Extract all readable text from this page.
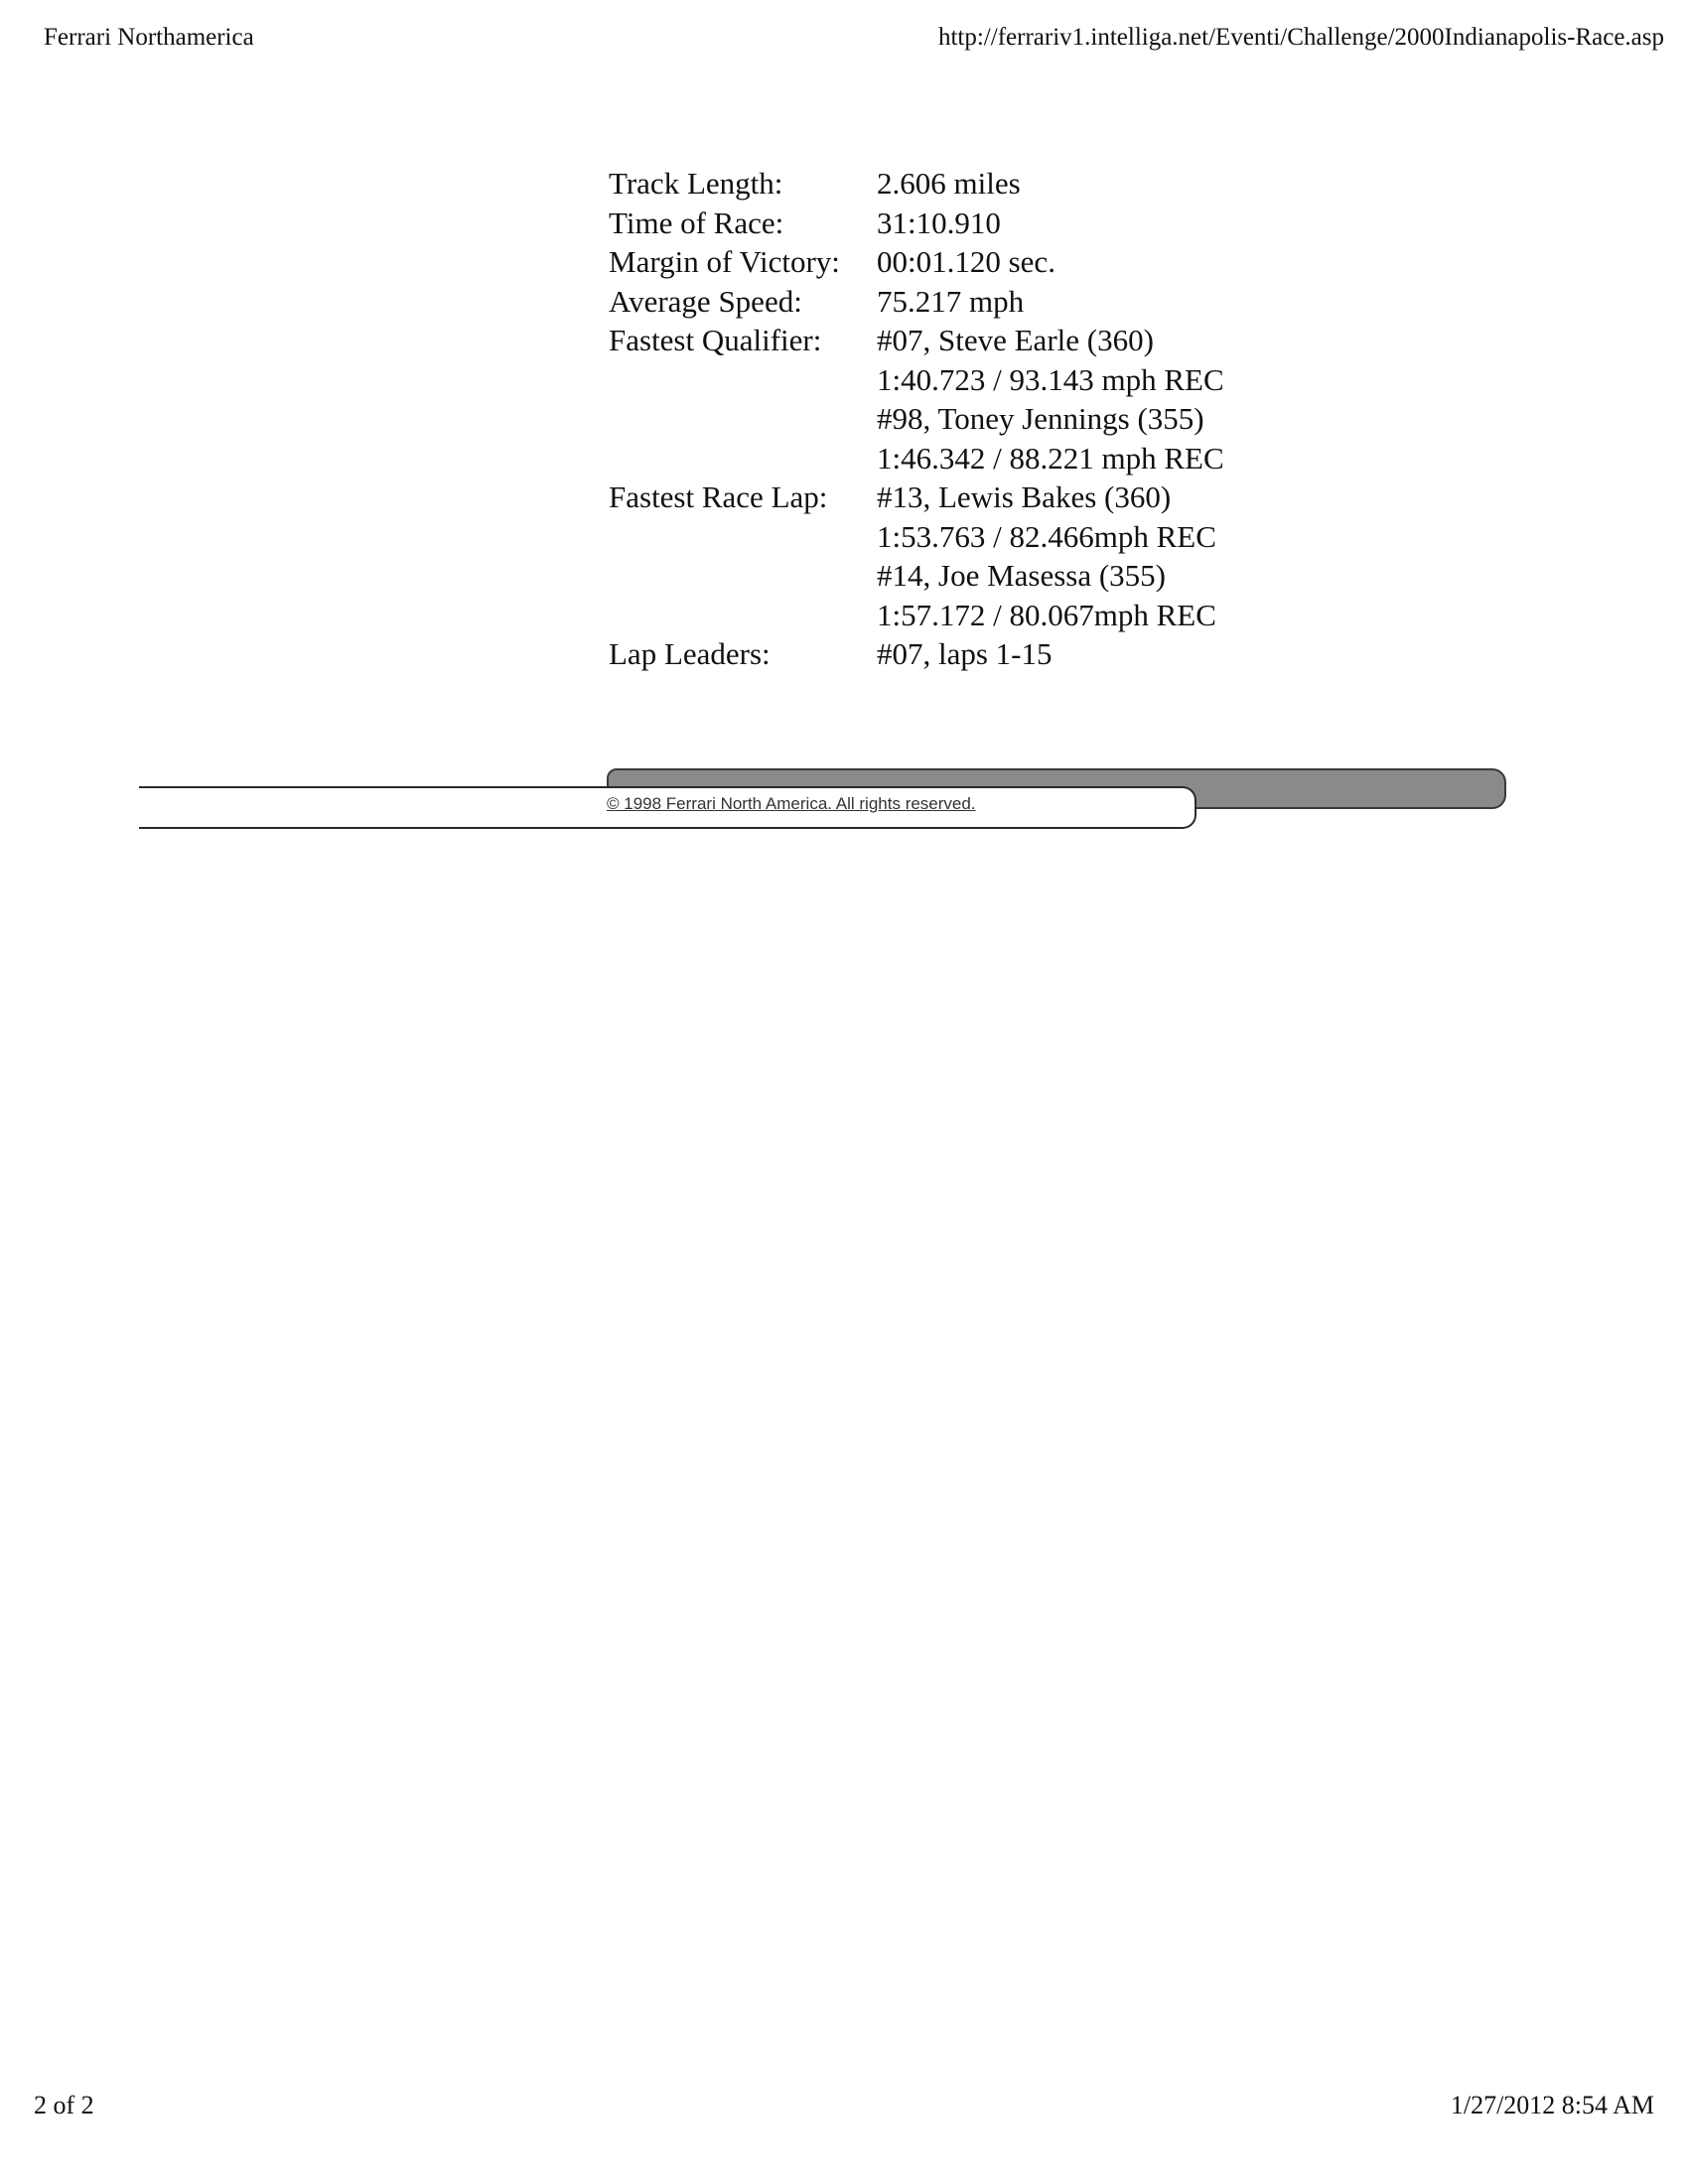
Ferrari Northamerica	http://ferrariv1.intelliga.net/Eventi/Challenge/2000Indianapolis-Race.asp
Track Length:	2.606 miles
Time of Race:	31:10.910
Margin of Victory:	00:01.120 sec.
Average Speed:	75.217 mph
Fastest Qualifier:	#07, Steve Earle (360)
	1:40.723 / 93.143 mph REC
	#98, Toney Jennings (355)
	1:46.342 / 88.221 mph REC
Fastest Race Lap:	#13, Lewis Bakes (360)
	1:53.763 / 82.466mph REC
	#14, Joe Masessa (355)
	1:57.172 / 80.067mph REC
Lap Leaders:	#07, laps 1-15
© 1998 Ferrari North America. All rights reserved.
2 of 2	1/27/2012 8:54 AM
